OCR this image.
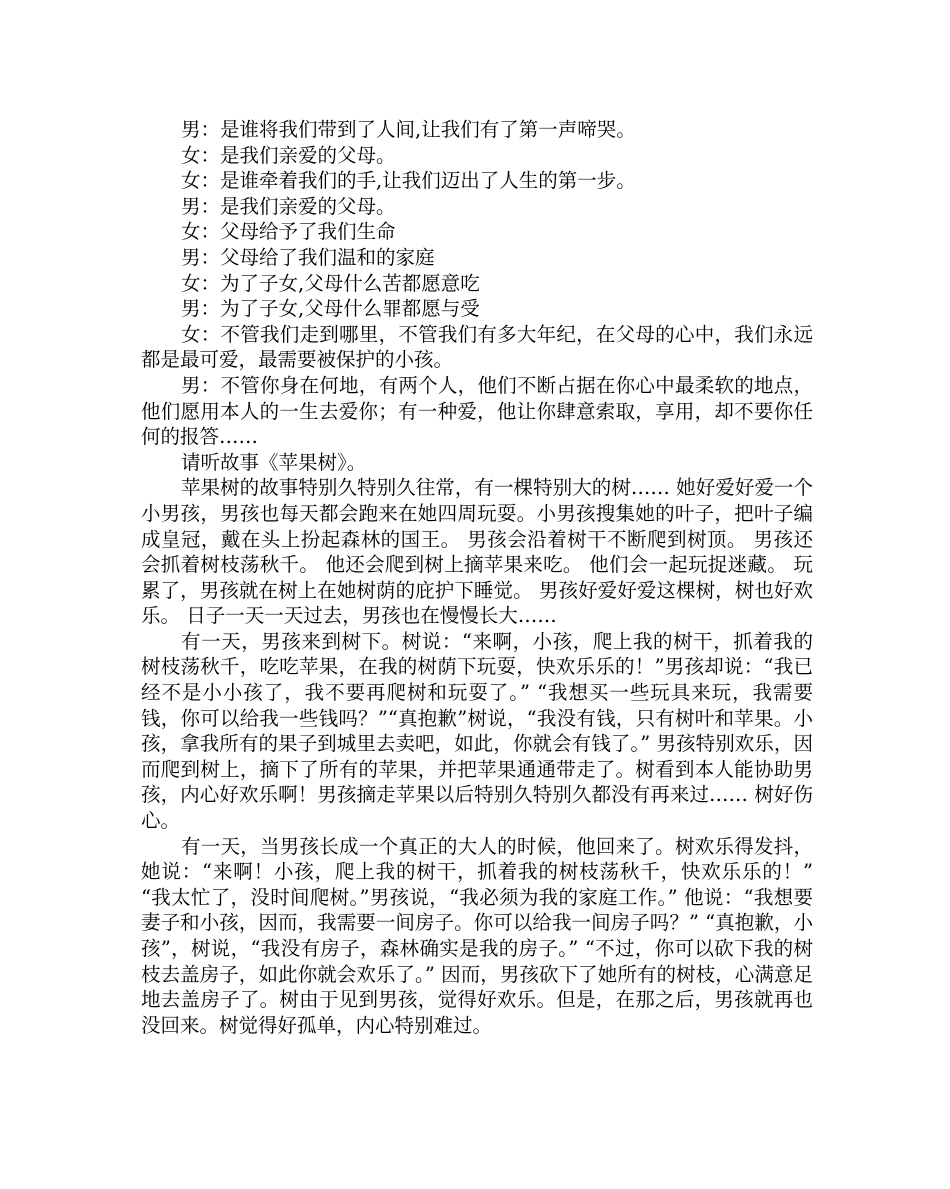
男：是谁将我们带到了人间,让我们有了第一声啼哭。

女：是我们亲爱的父母。

女：是谁牵着我们的手,让我们迈出了人生的第一步。

男：是我们亲爱的父母。

女：父母给予了我们生命

男：父母给了我们温和的家庭

女：为了子女,父母什么苦都愿意吃

男：为了子女,父母什么罪都愿与受

女：不管我们走到哪里，不管我们有多大年纪，在父母的心中，我们永远都是最可爱，最需要被保护的小孩。

男：不管你身在何地，有两个人，他们不断占据在你心中最柔软的地点，他们愿用本人的一生去爱你；有一种爱，他让你肆意索取，享用，却不要你任何的报答……

请听故事《苹果树》。

苹果树的故事特别久特别久往常，有一棵特别大的树…… 她好爱好爱一个小男孩，男孩也每天都会跑来在她四周玩耍。小男孩搜集她的叶子，把叶子编成皇冠，戴在头上扮起森林的国王。 男孩会沿着树干不断爬到树顶。 男孩还会抓着树枝荡秋千。 他还会爬到树上摘苹果来吃。 他们会一起玩捉迷藏。 玩累了，男孩就在树上在她树荫的庇护下睡觉。 男孩好爱好爱这棵树，树也好欢乐。 日子一天一天过去，男孩也在慢慢长大……

有一天，男孩来到树下。树说：“来啊，小孩，爬上我的树干，抓着我的树枝荡秋千，吃吃苹果，在我的树荫下玩耍，快欢乐乐的！”男孩却说：“我已经不是小小孩了，我不要再爬树和玩耍了。” “我想买一些玩具来玩，我需要钱，你可以给我一些钱吗？”“真抱歉”树说，“我没有钱，只有树叶和苹果。小孩，拿我所有的果子到城里去卖吧，如此，你就会有钱了。” 男孩特别欢乐，因而爬到树上，摘下了所有的苹果，并把苹果通通带走了。树看到本人能协助男孩，内心好欢乐啊！男孩摘走苹果以后特别久特别久都没有再来过…… 树好伤心。

有一天，当男孩长成一个真正的大人的时候，他回来了。树欢乐得发抖，她说：“来啊！小孩，爬上我的树干，抓着我的树枝荡秋千，快欢乐乐的！” “我太忙了，没时间爬树。”男孩说，“我必须为我的家庭工作。” 他说：“我想要妻子和小孩，因而，我需要一间房子。你可以给我一间房子吗？” “真抱歉，小孩”，树说，“我没有房子，森林确实是我的房子。” “不过，你可以砍下我的树枝去盖房子，如此你就会欢乐了。” 因而，男孩砍下了她所有的树枝，心满意足地去盖房子了。树由于见到男孩，觉得好欢乐。但是，在那之后，男孩就再也没回来。树觉得好孤单，内心特别难过。
